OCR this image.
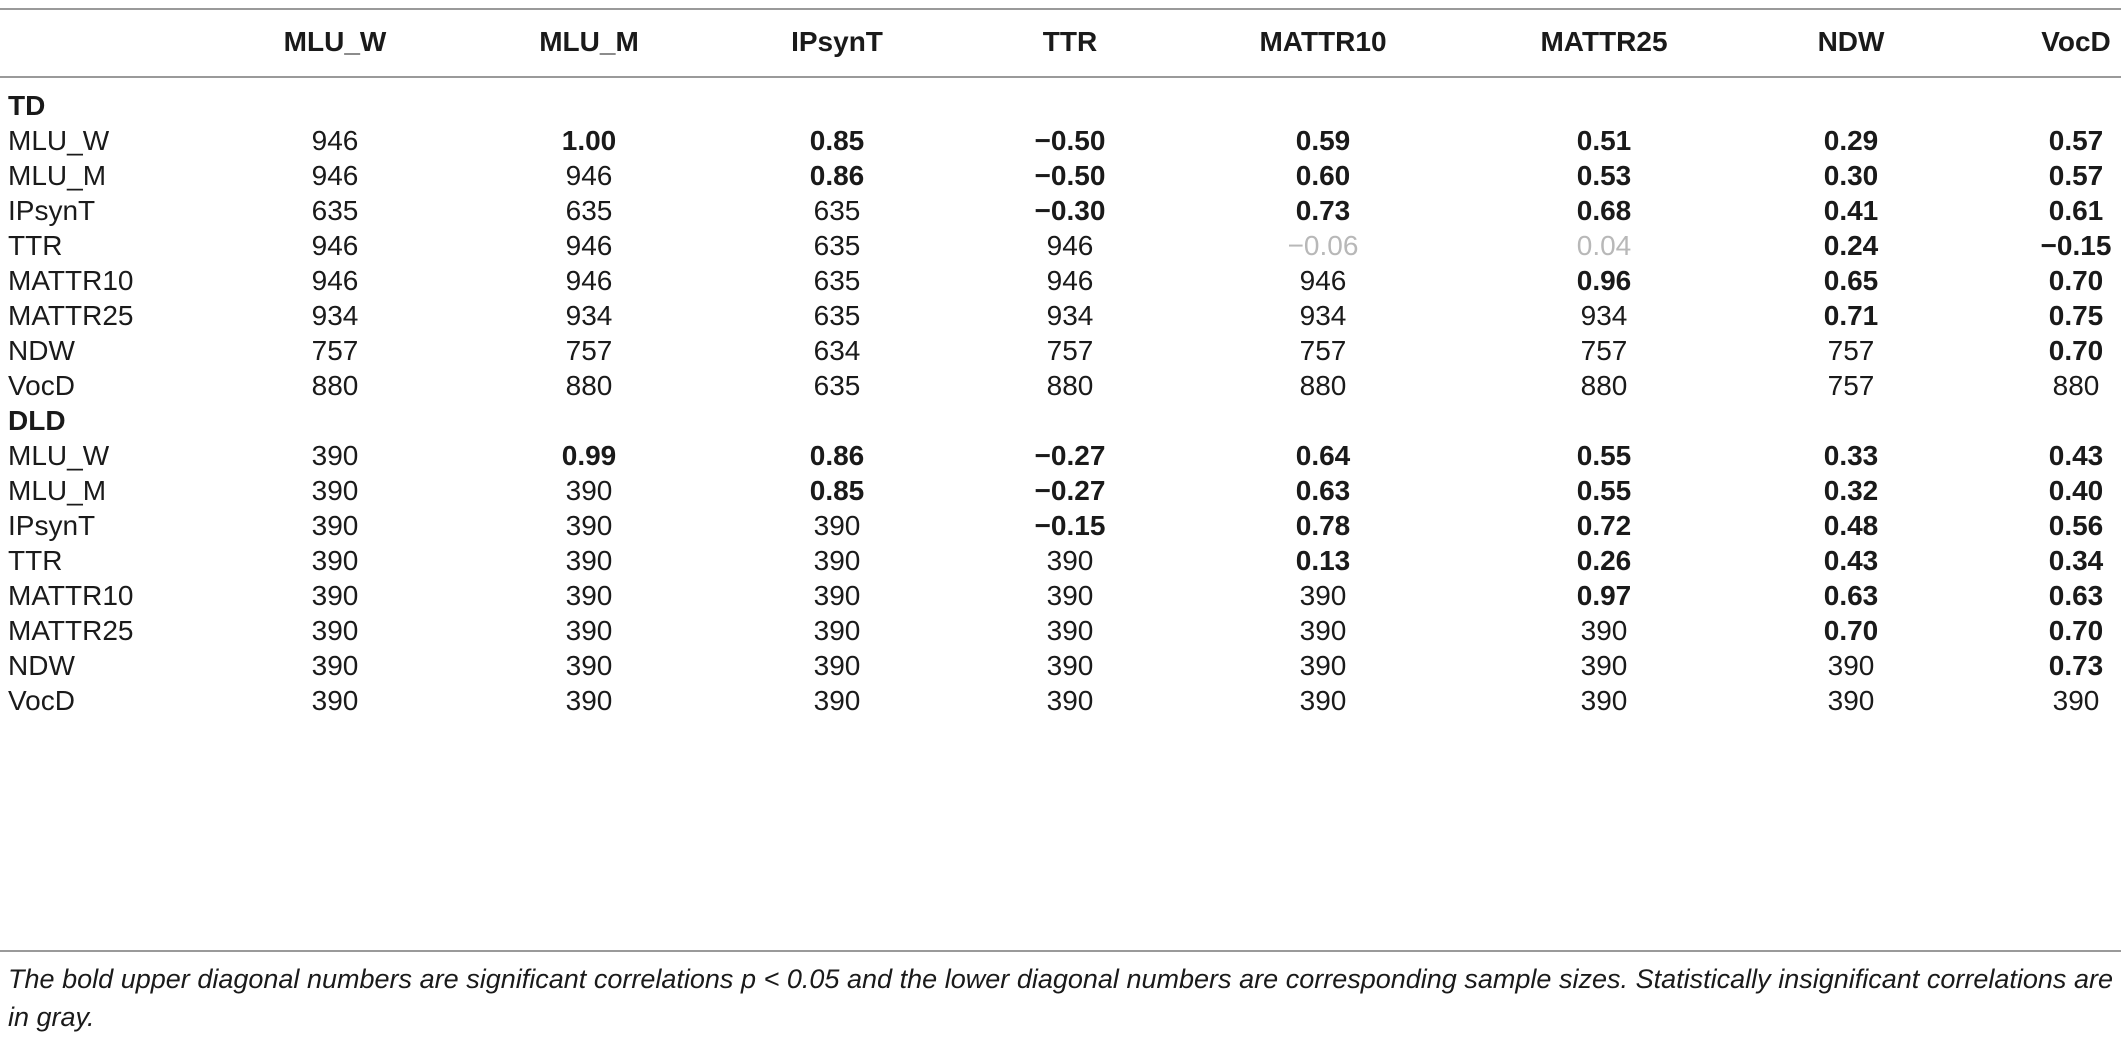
MLU_W	MLU_M	IPsynT	TTR	MATTR10	MATTR25	NDW	VocD
TD
MLU_W	946	1.00	0.85	−0.50	0.59	0.51	0.29	0.57
MLU_M	946	946	0.86	−0.50	0.60	0.53	0.30	0.57
IPsynT	635	635	635	−0.30	0.73	0.68	0.41	0.61
TTR	946	946	635	946	−0.06	0.04	0.24	−0.15
MATTR10	946	946	635	946	946	0.96	0.65	0.70
MATTR25	934	934	635	934	934	934	0.71	0.75
NDW	757	757	634	757	757	757	757	0.70
VocD	880	880	635	880	880	880	757	880
DLD
MLU_W	390	0.99	0.86	−0.27	0.64	0.55	0.33	0.43
MLU_M	390	390	0.85	−0.27	0.63	0.55	0.32	0.40
IPsynT	390	390	390	−0.15	0.78	0.72	0.48	0.56
TTR	390	390	390	390	0.13	0.26	0.43	0.34
MATTR10	390	390	390	390	390	0.97	0.63	0.63
MATTR25	390	390	390	390	390	390	0.70	0.70
NDW	390	390	390	390	390	390	390	0.73
VocD	390	390	390	390	390	390	390	390
The bold upper diagonal numbers are significant correlations p < 0.05 and the lower diagonal numbers are corresponding sample sizes. Statistically insignificant correlations are in gray.
